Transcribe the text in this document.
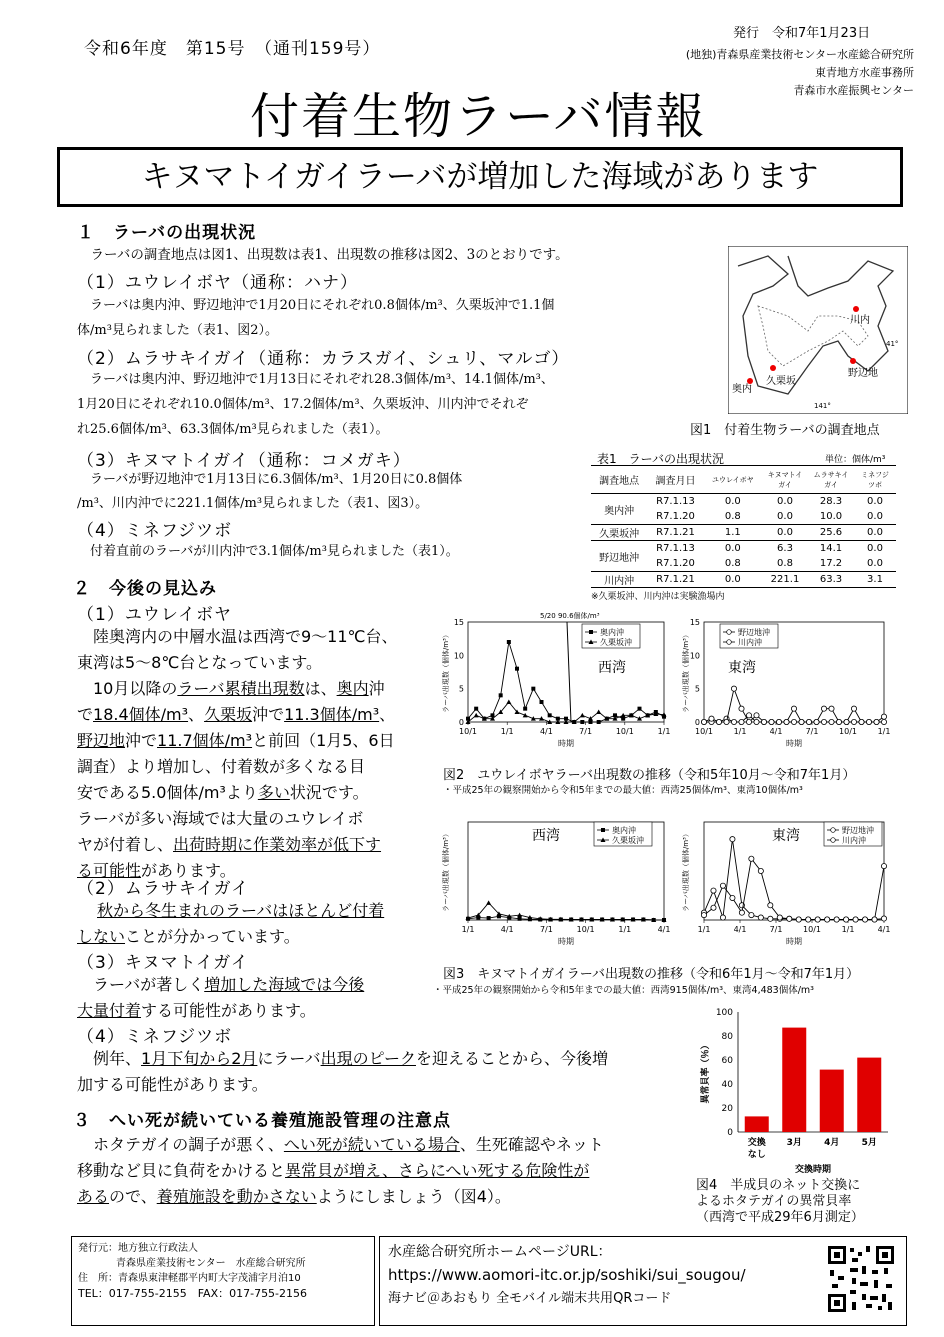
令和6年度　第15号　（通刊159号）
発行　令和7年1月23日
(地独)青森県産業技術センター水産総合研究所
東青地方水産事務所
青森市水産振興センター
付着生物ラーバ情報
キヌマトイガイラーバが増加した海域があります
１　ラーバの出現状況
　ラーバの調査地点は図1、出現数は表1、出現数の推移は図2、3のとおりです。
（1）ユウレイボヤ（通称：ハナ）
　ラーバは奥内沖、野辺地沖で1月20日にそれぞれ0.8個体/m³、久栗坂沖で1.1個
体/m³見られました（表1、図2）。
（2）ムラサキイガイ（通称：カラスガイ、シュリ、マルゴ）
　ラーバは奥内沖、野辺地沖で1月13日にそれぞれ28.3個体/m³、14.1個体/m³、
1月20日にそれぞれ10.0個体/m³、17.2個体/m³、久栗坂沖、川内沖でそれぞ
れ25.6個体/m³、63.3個体/m³見られました（表1）。
（3）キヌマトイガイ（通称：コメガキ）
　ラーバが野辺地沖で1月13日に6.3個体/m³、1月20日に0.8個体
/m³、川内沖でに221.1個体/m³見られました（表1、図3）。
（4）ミネフジツボ
　付着直前のラーバが川内沖で3.1個体/m³見られました（表1）。
川内
野辺地
奥内
久栗坂
41°
141°
図1　付着生物ラーバの調査地点
表1　ラーバの出現状況	単位：個体/m³
調査地点	調査月日	ユウレイボヤ	キヌマトイガイ	ムラサキイガイ	ミネフジツボ
奥内沖	R7.1.13	0.0	0.0	28.3	0.0
	R7.1.20	0.8	0.0	10.0	0.0
久栗坂沖	R7.1.21	1.1	0.0	25.6	0.0
野辺地沖	R7.1.13	0.0	6.3	14.1	0.0
	R7.1.20	0.8	0.8	17.2	0.0
川内沖	R7.1.21	0.0	221.1	63.3	3.1
※久栗坂沖、川内沖は実験漁場内
２　今後の見込み
（1）ユウレイボヤ
　陸奥湾内の中層水温は西湾で9～11℃台、
東湾は5～8℃台となっています。
　10月以降のラーバ累積出現数は、奥内沖
で18.4個体/m³、久栗坂沖で11.3個体/m³、
野辺地沖で11.7個体/m³と前回（1月5、6日
調査）より増加し、付着数が多くなる目
安である5.0個体/m³より多い状況です。
ラーバが多い海域では大量のユウレイボ
ヤが付着し、出荷時期に作業効率が低下す
る可能性があります。
（2）ムラサキイガイ
秋から冬生まれのラーバはほとんど付着
しないことが分かっています。
（3）キヌマトイガイ
　ラーバが著しく増加した海域では今後
大量付着する可能性があります。
（4）ミネフジツボ
　例年、1月下旬から2月にラーバ出現のピークを迎えることから、今後増
加する可能性があります。
３　へい死が続いている養殖施設管理の注意点
　ホタテガイの調子が悪く、へい死が続いている場合、生死確認やネット
移動など貝に負荷をかけると異常貝が増え、さらにへい死する危険性が
あるので、養殖施設を動かさないようにしましょう（図4）。
0
5
10
15
10/1	1/1	4/1	7/1	10/1	1/1
時期
ラーバ出現数（個体/m³）	奥内沖
久栗坂沖
西湾
5/20 90.6個体/m³
0
5
10
15
10/1	1/1	4/1	7/1	10/1	1/1
時期
ラーバ出現数（個体/m³）	野辺地沖
川内沖
東湾
図2　ユウレイボヤラーバ出現数の推移（令和5年10月～令和7年1月）
・平成25年の観察開始から令和5年までの最大値：西湾25個体/m³、東湾10個体/m³
1/1	4/1	7/1	10/1	1/1	4/1
時期
ラーバ出現数（個体/m³）	奥内沖
久栗坂沖
西湾
1/1	4/1	7/1	10/1	1/1	4/1
時期
ラーバ出現数（個体/m³）	野辺地沖
川内沖
東湾
図3　キヌマトイガイラーバ出現数の推移（令和6年1月～令和7年1月）
・平成25年の観察開始から令和5年までの最大値：西湾915個体/m³、東湾4,483個体/m³
0
20
40
60
80
100
交換
なし
3月 4月 5月
交換時期
異常貝率（％）
図4　半成貝のネット交換に
よるホタテガイの異常貝率
（西湾で平成29年6月測定）
発行元：地方独立行政法人
青森県産業技術センター　水産総合研究所
住　所：青森県東津軽郡平内町大字茂浦字月泊10
TEL：017-755-2155　FAX：017-755-2156
水産総合研究所ホームページURL：
https://www.aomori-itc.or.jp/soshiki/sui_sougou/
海ナビ＠あおもり 全モバイル端末共用QRコード
